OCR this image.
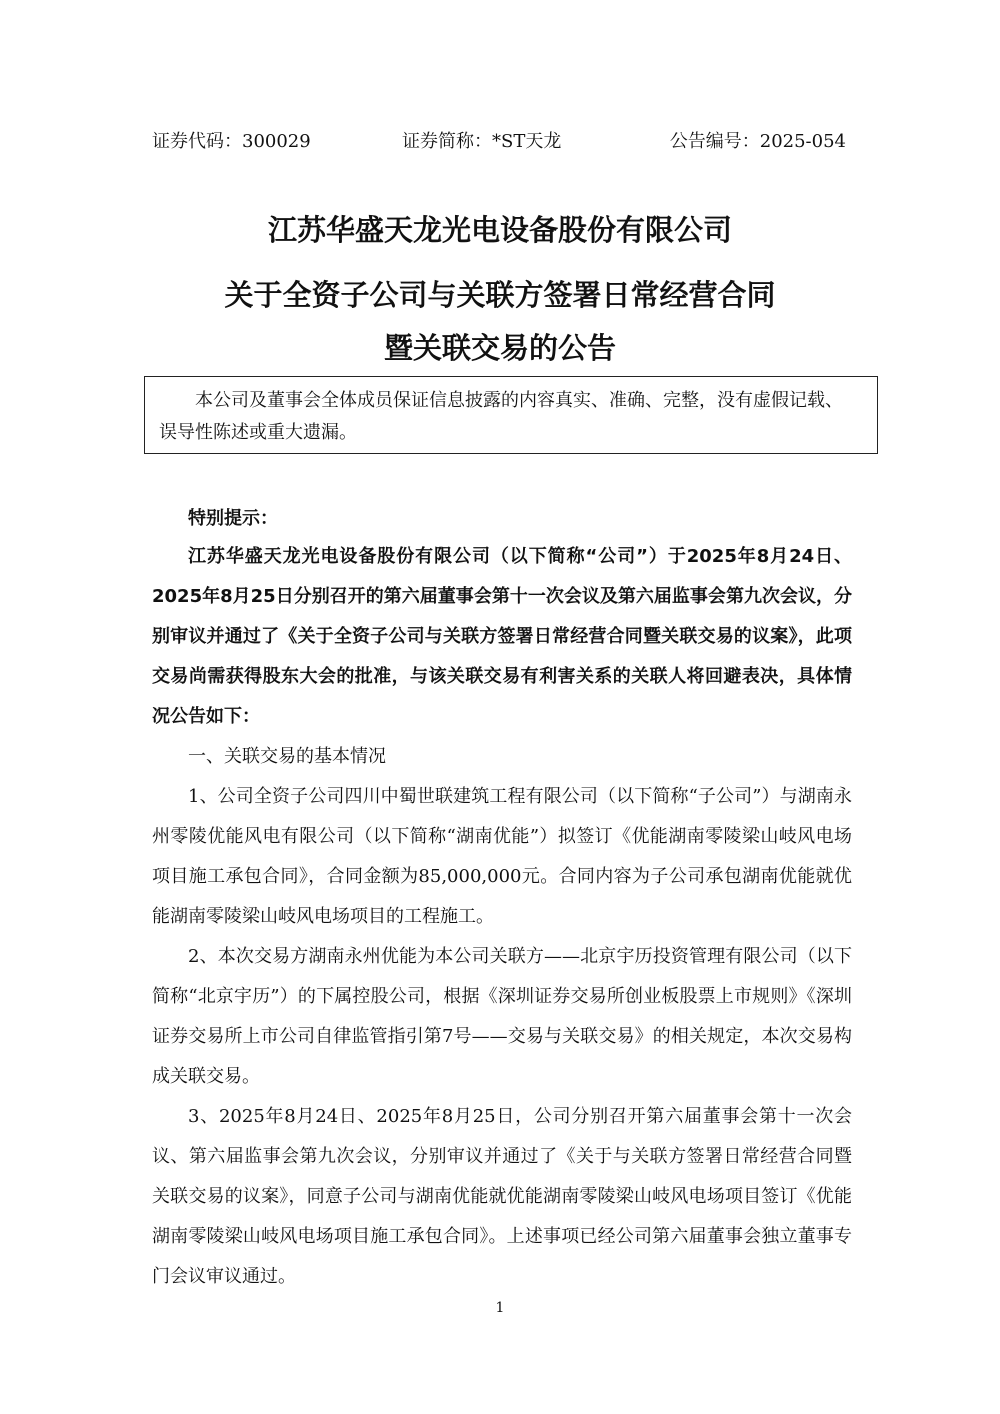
证券代码：300029	证券简称：*ST天龙	公告编号：2025-054
江苏华盛天龙光电设备股份有限公司
关于全资子公司与关联方签署日常经营合同
暨关联交易的公告
本公司及董事会全体成员保证信息披露的内容真实、准确、完整，没有虚假记载、误导性陈述或重大遗漏。
特别提示：

江苏华盛天龙光电设备股份有限公司（以下简称“公司”）于2025年8月24日、2025年8月25日分别召开的第六届董事会第十一次会议及第六届监事会第九次会议，分别审议并通过了《关于全资子公司与关联方签署日常经营合同暨关联交易的议案》，此项交易尚需获得股东大会的批准，与该关联交易有利害关系的关联人将回避表决，具体情况公告如下：

一、关联交易的基本情况

1、公司全资子公司四川中蜀世联建筑工程有限公司（以下简称“子公司”）与湖南永州零陵优能风电有限公司（以下简称“湖南优能”）拟签订《优能湖南零陵梁山岐风电场项目施工承包合同》，合同金额为85,000,000元。合同内容为子公司承包湖南优能就优能湖南零陵梁山岐风电场项目的工程施工。

2、本次交易方湖南永州优能为本公司关联方——北京宇历投资管理有限公司（以下简称“北京宇历”）的下属控股公司，根据《深圳证券交易所创业板股票上市规则》《深圳证券交易所上市公司自律监管指引第7号——交易与关联交易》的相关规定，本次交易构成关联交易。

3、2025年8月24日、2025年8月25日，公司分别召开第六届董事会第十一次会议、第六届监事会第九次会议，分别审议并通过了《关于与关联方签署日常经营合同暨关联交易的议案》，同意子公司与湖南优能就优能湖南零陵梁山岐风电场项目签订《优能湖南零陵梁山岐风电场项目施工承包合同》。上述事项已经公司第六届董事会独立董事专门会议审议通过。

1
